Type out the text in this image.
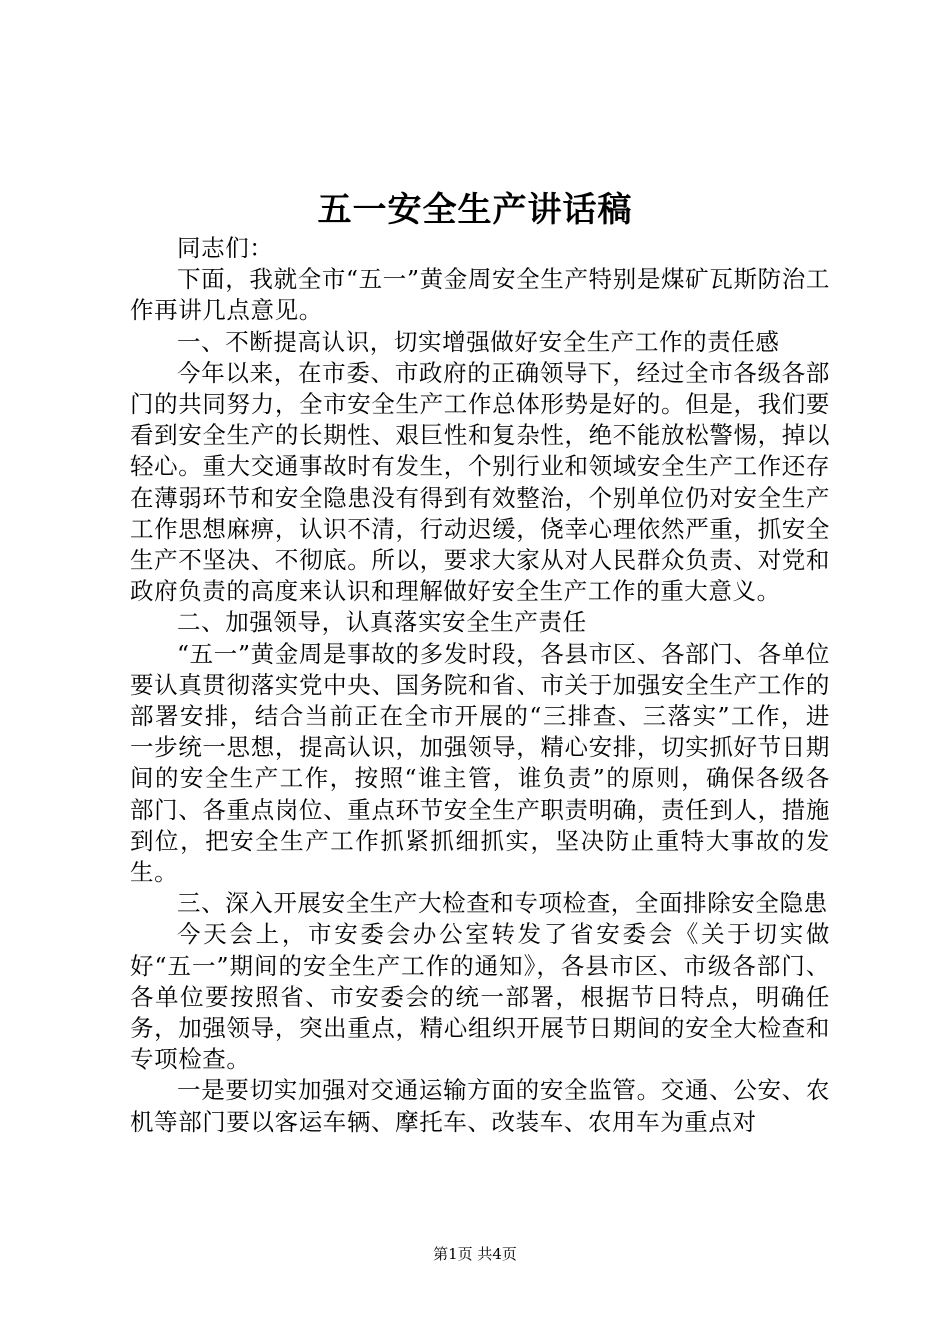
五一安全生产讲话稿

同志们：

下面，我就全市“五一”黄金周安全生产特别是煤矿瓦斯防治工作再讲几点意见。

一、不断提高认识，切实增强做好安全生产工作的责任感

今年以来，在市委、市政府的正确领导下，经过全市各级各部门的共同努力，全市安全生产工作总体形势是好的。但是，我们要看到安全生产的长期性、艰巨性和复杂性，绝不能放松警惕，掉以轻心。重大交通事故时有发生，个别行业和领域安全生产工作还存在薄弱环节和安全隐患没有得到有效整治，个别单位仍对安全生产工作思想麻痹，认识不清，行动迟缓，侥幸心理依然严重，抓安全生产不坚决、不彻底。所以，要求大家从对人民群众负责、对党和政府负责的高度来认识和理解做好安全生产工作的重大意义。

二、加强领导，认真落实安全生产责任

“五一”黄金周是事故的多发时段，各县市区、各部门、各单位要认真贯彻落实党中央、国务院和省、市关于加强安全生产工作的部署安排，结合当前正在全市开展的“三排查、三落实”工作，进一步统一思想，提高认识，加强领导，精心安排，切实抓好节日期间的安全生产工作，按照“谁主管，谁负责”的原则，确保各级各部门、各重点岗位、重点环节安全生产职责明确，责任到人，措施到位，把安全生产工作抓紧抓细抓实，坚决防止重特大事故的发生。

三、深入开展安全生产大检查和专项检查，全面排除安全隐患

今天会上，市安委会办公室转发了省安委会《关于切实做好“五一”期间的安全生产工作的通知》，各县市区、市级各部门、各单位要按照省、市安委会的统一部署，根据节日特点，明确任务，加强领导，突出重点，精心组织开展节日期间的安全大检查和专项检查。

一是要切实加强对交通运输方面的安全监管。交通、公安、农机等部门要以客运车辆、摩托车、改装车、农用车为重点对

第1页 共4页
